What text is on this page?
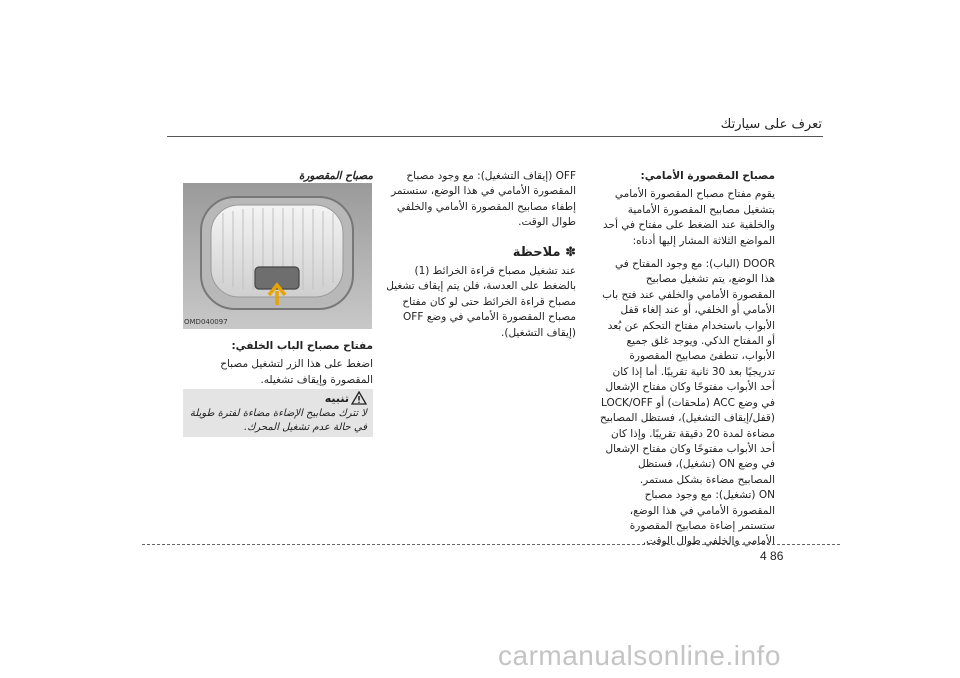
تعرف على سيارتك

مصباح المقصورة الأمامي:

يقوم مفتاح مصباح المقصورة الأمامي بتشغيل مصابيح المقصورة الأمامية والخلفية عند الضغط على مفتاح في أحد المواضع الثلاثة المشار إليها أدناه:

DOOR (الباب): مع وجود المفتاح في هذا الوضع، يتم تشغيل مصابيح المقصورة الأمامي والخلفي عند فتح باب الأمامي أو الخلفي، أو عند إلغاء قفل الأبواب باستخدام مفتاح التحكم عن بُعد أو المفتاح الذكي. ويوجد غلق جميع الأبواب، تنطفئ مصابيح المقصورة تدريجيًا بعد 30 ثانية تقريبًا. أما إذا كان أحد الأبواب مفتوحًا وكان مفتاح الإشعال في وضع ACC (ملحقات) أو LOCK/OFF (قفل/إيقاف التشغيل)، فستظل المصابيح مضاءة لمدة 20 دقيقة تقريبًا. وإذا كان أحد الأبواب مفتوحًا وكان مفتاح الإشعال في وضع ON (تشغيل)، فستظل المصابيح مضاءة بشكل مستمر.

ON (تشغيل): مع وجود مصباح المقصورة الأمامي في هذا الوضع، ستستمر إضاءة مصابيح المقصورة الأمامي والخلفي طوال الوقت.

OFF (إيقاف التشغيل): مع وجود مصباح المقصورة الأمامي في هذا الوضع، ستستمر إطفاء مصابيح المقصورة الأمامي والخلفي طوال الوقت.

✽ ملاحظة

عند تشغيل مصباح قراءة الخرائط (1) بالضغط على العدسة، فلن يتم إيقاف تشغيل مصباح قراءة الخرائط حتى لو كان مفتاح مصباح المقصورة الأمامي في وضع OFF (إيقاف التشغيل).

مصباح المقصورة

OMD040097

مفتاح مصباح الباب الخلفي:

اضغط على هذا الزر لتشغيل مصباح المقصورة وإيقاف تشغيله.

تنبيه
لا تترك مصابيح الإضاءة مضاءة لفترة طويلة في حالة عدم تشغيل المحرك.
4 86
carmanualsonline.info
